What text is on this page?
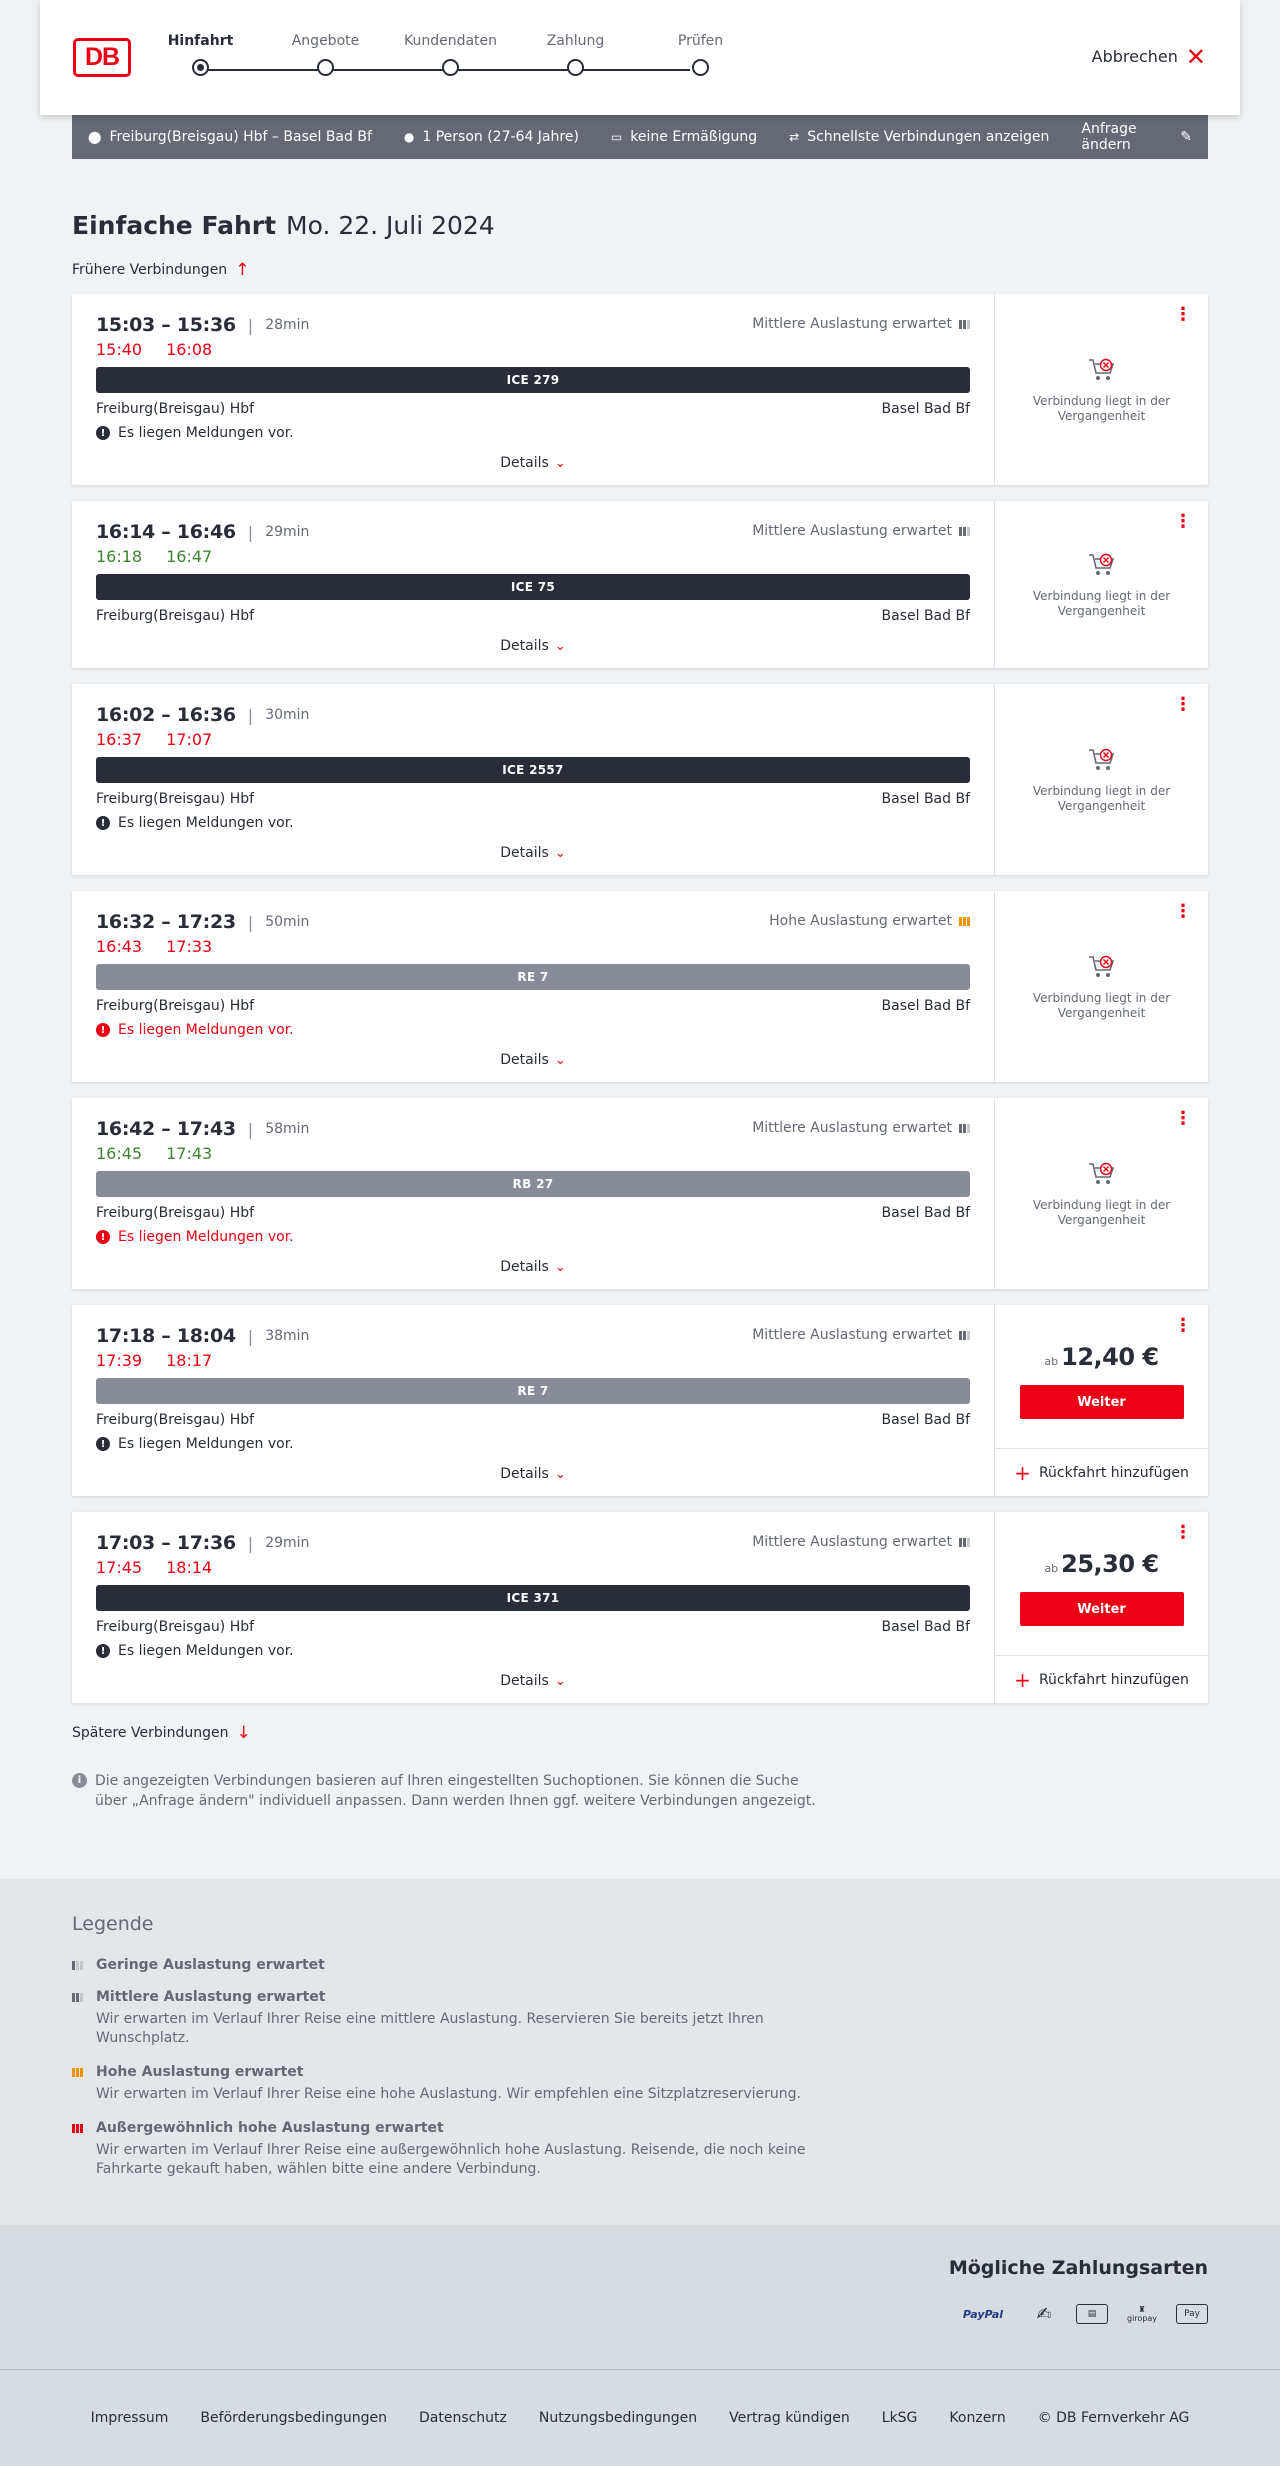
DB
Hinfahrt	Angebote	Kundendaten	Zahlung	Prüfen
Abbrechen ✕
⬤ Freiburg(Breisgau) Hbf – Basel Bad Bf	● 1 Person (27-64 Jahre)	▭ keine Ermäßigung	⇄ Schnellste Verbindungen anzeigen Anfrage ändern	✎
Einfache Fahrt Mo. 22. Juli 2024
Frühere Verbindungen ↑
15:03 – 15:36 | 28min	Mittlere Auslastung erwartet
15:40 16:08
ICE 279
Freiburg(Breisgau) Hbf	Basel Bad Bf
! Es liegen Meldungen vor.
Details ⌄
⋮
Verbindung liegt in der Vergangenheit
16:14 – 16:46 | 29min	Mittlere Auslastung erwartet
16:18 16:47
ICE 75
Freiburg(Breisgau) Hbf	Basel Bad Bf
Details ⌄
⋮
Verbindung liegt in der Vergangenheit
16:02 – 16:36 | 30min
16:37 17:07
ICE 2557
Freiburg(Breisgau) Hbf	Basel Bad Bf
! Es liegen Meldungen vor.
Details ⌄
⋮
Verbindung liegt in der Vergangenheit
16:32 – 17:23 | 50min	Hohe Auslastung erwartet
16:43 17:33
RE 7
Freiburg(Breisgau) Hbf	Basel Bad Bf
! Es liegen Meldungen vor.
Details ⌄
⋮
Verbindung liegt in der Vergangenheit
16:42 – 17:43 | 58min	Mittlere Auslastung erwartet
16:45 17:43
RB 27
Freiburg(Breisgau) Hbf	Basel Bad Bf
! Es liegen Meldungen vor.
Details ⌄
⋮
Verbindung liegt in der Vergangenheit
17:18 – 18:04 | 38min	Mittlere Auslastung erwartet
17:39 18:17
RE 7
Freiburg(Breisgau) Hbf	Basel Bad Bf
! Es liegen Meldungen vor.
Details ⌄
⋮
ab 12,40 €
Weiter
+ Rückfahrt hinzufügen
17:03 – 17:36 | 29min	Mittlere Auslastung erwartet
17:45 18:14
ICE 371
Freiburg(Breisgau) Hbf	Basel Bad Bf
! Es liegen Meldungen vor.
Details ⌄
⋮
ab 25,30 €
Weiter
+ Rückfahrt hinzufügen
Spätere Verbindungen ↓
i Die angezeigten Verbindungen basieren auf Ihren eingestellten Suchoptionen. Sie können die Suche über „Anfrage ändern" individuell anpassen. Dann werden Ihnen ggf. weitere Verbindungen angezeigt.
Legende
Geringe Auslastung erwartet
Mittlere Auslastung erwartet
Wir erwarten im Verlauf Ihrer Reise eine mittlere Auslastung. Reservieren Sie bereits jetzt Ihren Wunschplatz.
Hohe Auslastung erwartet
Wir erwarten im Verlauf Ihrer Reise eine hohe Auslastung. Wir empfehlen eine Sitzplatzreservierung.
Außergewöhnlich hohe Auslastung erwartet
Wir erwarten im Verlauf Ihrer Reise eine außergewöhnlich hohe Auslastung. Reisende, die noch keine Fahrkarte gekauft haben, wählen bitte eine andere Verbindung.
Mögliche Zahlungsarten
PayPal	✍	▤	♜
giropay	Pay
Impressum Beförderungsbedingungen Datenschutz Nutzungsbedingungen Vertrag kündigen LkSG Konzern © DB Fernverkehr AG
